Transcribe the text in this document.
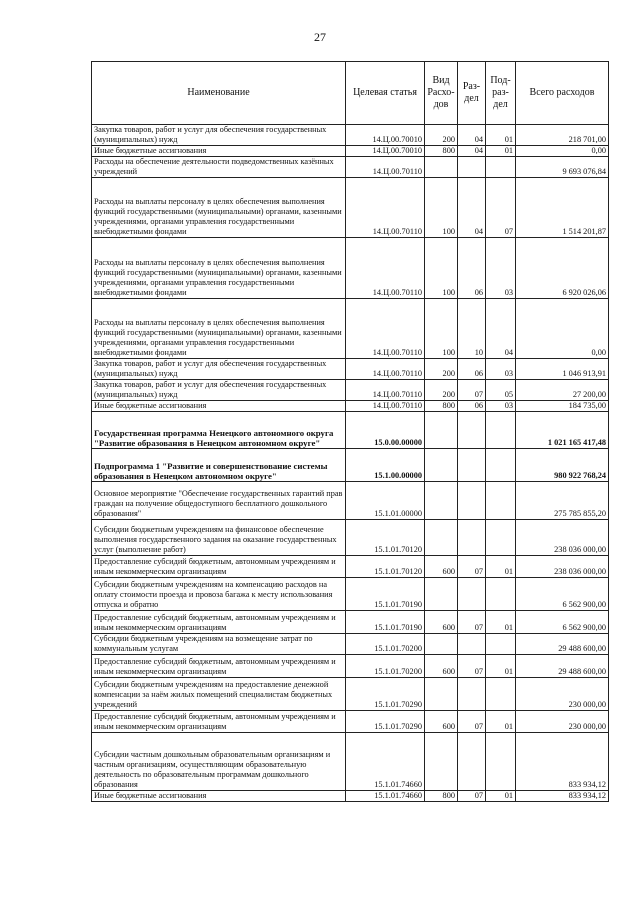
27
Наименование	Целевая статья	Вид Расхо-дов	Раз-дел	Под-раз-дел	Всего расходов
Закупка товаров, работ и услуг для обеспечения государственных (муниципальных) нужд	14.Ц.00.70010	200	04	01	218 701,00
Иные бюджетные ассигнования	14.Ц.00.70010	800	04	01	0,00
Расходы на обеспечение деятельности подведомственных казённых учреждений	14.Ц.00.70110				9 693 076,84
Расходы на выплаты персоналу в целях обеспечения выполнения функций государственными (муниципальными) органами, казенными учреждениями, органами управления государственными внебюджетными фондами	14.Ц.00.70110	100	04	07	1 514 201,87
Расходы на выплаты персоналу в целях обеспечения выполнения функций государственными (муниципальными) органами, казенными учреждениями, органами управления государственными внебюджетными фондами	14.Ц.00.70110	100	06	03	6 920 026,06
Расходы на выплаты персоналу в целях обеспечения выполнения функций государственными (муниципальными) органами, казенными учреждениями, органами управления государственными внебюджетными фондами	14.Ц.00.70110	100	10	04	0,00
Закупка товаров, работ и услуг для обеспечения государственных (муниципальных) нужд	14.Ц.00.70110	200	06	03	1 046 913,91
Закупка товаров, работ и услуг для обеспечения государственных (муниципальных) нужд	14.Ц.00.70110	200	07	05	27 200,00
Иные бюджетные ассигнования	14.Ц.00.70110	800	06	03	184 735,00
Государственная программа Ненецкого автономного округа "Развитие образования в Ненецком автономном округе"	15.0.00.00000				1 021 165 417,48
Подпрограмма 1 "Развитие и совершенствование системы образования в Ненецком автономном округе"	15.1.00.00000				980 922 768,24
Основное мероприятие "Обеспечение государственных гарантий прав граждан на получение общедоступного бесплатного дошкольного образования"	15.1.01.00000				275 785 855,20
Субсидии бюджетным учреждениям на финансовое обеспечение выполнения государственного задания на оказание государственных услуг (выполнение работ)	15.1.01.70120				238 036 000,00
Предоставление субсидий бюджетным, автономным учреждениям и иным некоммерческим организациям	15.1.01.70120	600	07	01	238 036 000,00
Субсидии бюджетным учреждениям на компенсацию расходов на оплату стоимости проезда и провоза багажа к месту использования отпуска и обратно	15.1.01.70190				6 562 900,00
Предоставление субсидий бюджетным, автономным учреждениям и иным некоммерческим организациям	15.1.01.70190	600	07	01	6 562 900,00
Субсидии бюджетным учреждениям на возмещение затрат по коммунальным услугам	15.1.01.70200				29 488 600,00
Предоставление субсидий бюджетным, автономным учреждениям и иным некоммерческим организациям	15.1.01.70200	600	07	01	29 488 600,00
Субсидии бюджетным учреждениям на предоставление денежной компенсации за наём жилых помещений специалистам бюджетных учреждений	15.1.01.70290				230 000,00
Предоставление субсидий бюджетным, автономным учреждениям и иным некоммерческим организациям	15.1.01.70290	600	07	01	230 000,00
Субсидии частным дошкольным образовательным организациям и частным организациям, осуществляющим образовательную деятельность по образовательным программам дошкольного образования	15.1.01.74660				833 934,12
Иные бюджетные ассигнования	15.1.01.74660	800	07	01	833 934,12
